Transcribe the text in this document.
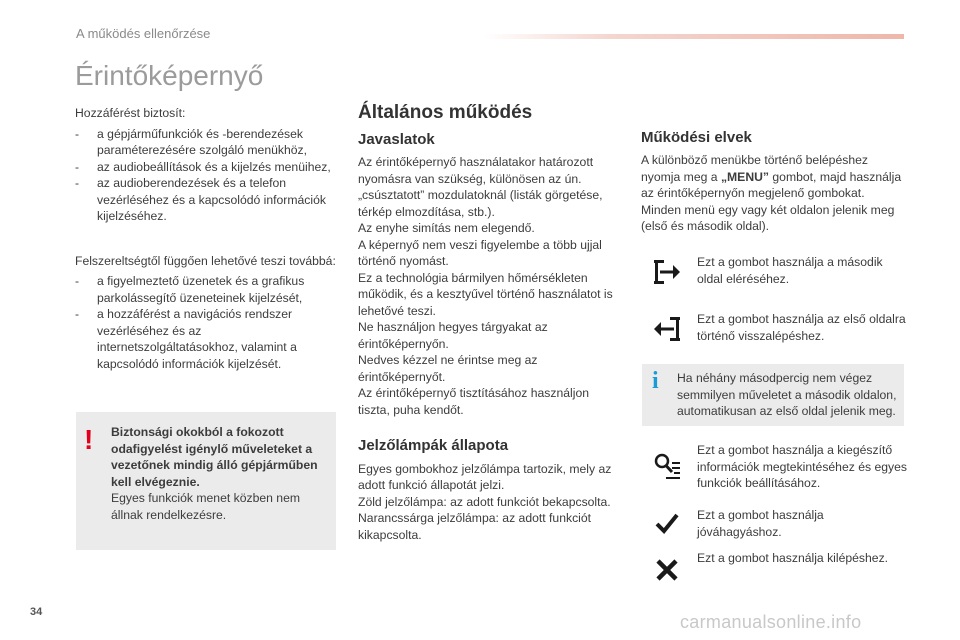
A működés ellenőrzése
Érintőképernyő

Hozzáférést biztosít:

- a gépjárműfunkciók és -berendezések paraméterezésére szolgáló menükhöz,
- az audiobeállítások és a kijelzés menüihez,
- az audioberendezések és a telefon vezérléséhez és a kapcsolódó információk kijelzéséhez.

Felszereltségtől függően lehetővé teszi továbbá:

- a figyelmeztető üzenetek és a grafikus parkolássegítő üzeneteinek kijelzését,
- a hozzáférést a navigációs rendszer vezérléséhez és az internetszolgáltatásokhoz, valamint a kapcsolódó információk kijelzését.
! Biztonsági okokból a fokozott odafigyelést igénylő műveleteket a vezetőnek mindig álló gépjárműben kell elvégeznie.

Egyes funkciók menet közben nem állnak rendelkezésre.

Általános működés
Javaslatok

Az érintőképernyő használatakor határozott nyomásra van szükség, különösen az ún. „csúsztatott” mozdulatoknál (listák görgetése, térkép elmozdítása, stb.).

Az enyhe simítás nem elegendő.

A képernyő nem veszi figyelembe a több ujjal történő nyomást.

Ez a technológia bármilyen hőmérsékleten működik, és a kesztyűvel történő használatot is lehetővé teszi.

Ne használjon hegyes tárgyakat az érintőképernyőn.

Nedves kézzel ne érintse meg az érintőképernyőt.

Az érintőképernyő tisztításához használjon tiszta, puha kendőt.

Jelzőlámpák állapota

Egyes gombokhoz jelzőlámpa tartozik, mely az adott funkció állapotát jelzi.

Zöld jelzőlámpa: az adott funkciót bekapcsolta.

Narancssárga jelzőlámpa: az adott funkciót kikapcsolta.

Működési elvek

A különböző menükbe történő belépéshez nyomja meg a „MENU” gombot, majd használja az érintőképernyőn megjelenő gombokat.

Minden menü egy vagy két oldalon jelenik meg (első és második oldal).

Ezt a gombot használja a második oldal eléréséhez.
Ezt a gombot használja az első oldalra történő visszalépéshez.
i Ha néhány másodpercig nem végez semmilyen műveletet a második oldalon, automatikusan az első oldal jelenik meg.
Ezt a gombot használja a kiegészítő információk megtekintéséhez és egyes funkciók beállításához.
Ezt a gombot használja jóváhagyáshoz.
Ezt a gombot használja kilépéshez.
34	carmanualsonline.info
